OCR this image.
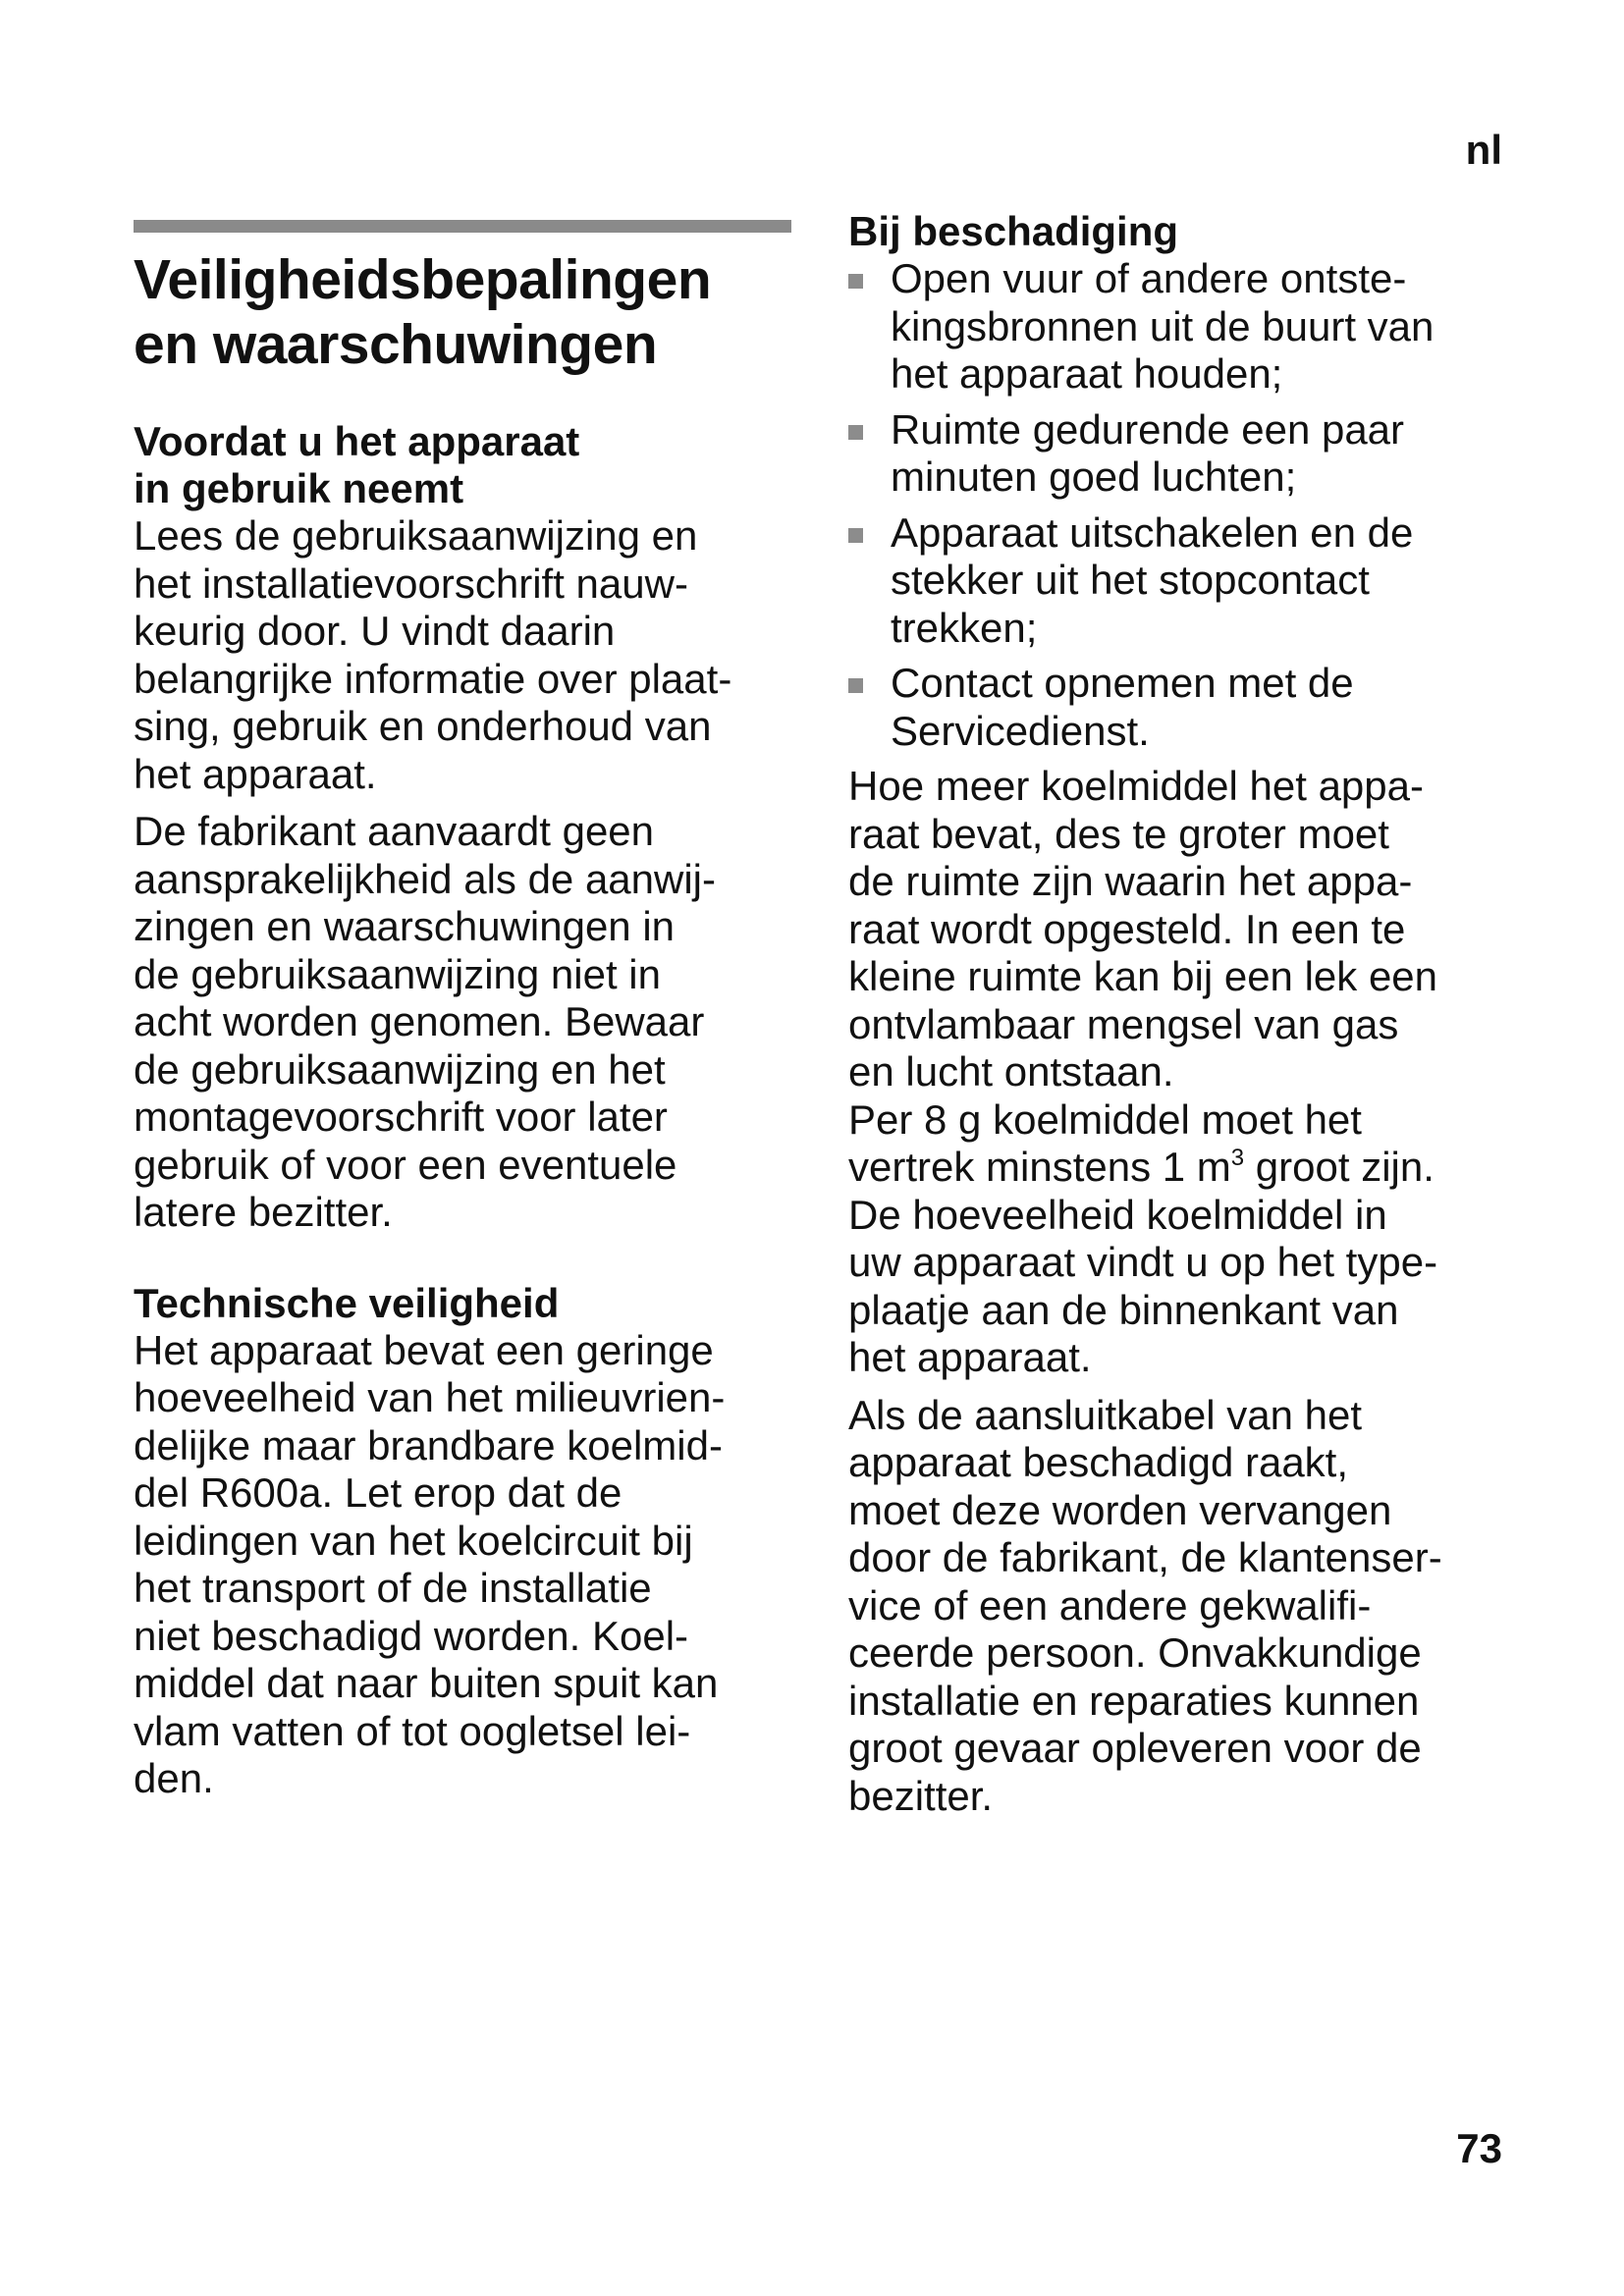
nl
Veiligheidsbepalingen
en waarschuwingen
Voordat u het apparaat
in gebruik neemt

Lees de gebruiksaanwijzing en
het installatievoorschrift nauw-
keurig door. U vindt daarin
belangrijke informatie over plaat-
sing, gebruik en onderhoud van
het apparaat.

De fabrikant aanvaardt geen
aansprakelijkheid als de aanwij-
zingen en waarschuwingen in
de gebruiksaanwijzing niet in
acht worden genomen. Bewaar
de gebruiksaanwijzing en het
montagevoorschrift voor later
gebruik of voor een eventuele
latere bezitter.

Technische veiligheid

Het apparaat bevat een geringe
hoeveelheid van het milieuvrien-
delijke maar brandbare koelmid-
del R600a. Let erop dat de
leidingen van het koelcircuit bij
het transport of de installatie
niet beschadigd worden. Koel-
middel dat naar buiten spuit kan
vlam vatten of tot oogletsel lei-
den.

Bij beschadiging
Open vuur of andere ontste-
kingsbronnen uit de buurt van
het apparaat houden;
Ruimte gedurende een paar
minuten goed luchten;
Apparaat uitschakelen en de
stekker uit het stopcontact
trekken;
Contact opnemen met de
Servicedienst.

Hoe meer koelmiddel het appa-
raat bevat, des te groter moet
de ruimte zijn waarin het appa-
raat wordt opgesteld. In een te
kleine ruimte kan bij een lek een
ontvlambaar mengsel van gas
en lucht ontstaan.

Per 8 g koelmiddel moet het
vertrek minstens 1 $m^3$ groot zijn.
De hoeveelheid koelmiddel in
uw apparaat vindt u op het type-
plaatje aan de binnenkant van
het apparaat.

Als de aansluitkabel van het
apparaat beschadigd raakt,
moet deze worden vervangen
door de fabrikant, de klantenser-
vice of een andere gekwalifi-
ceerde persoon. Onvakkundige
installatie en reparaties kunnen
groot gevaar opleveren voor de
bezitter.

73
